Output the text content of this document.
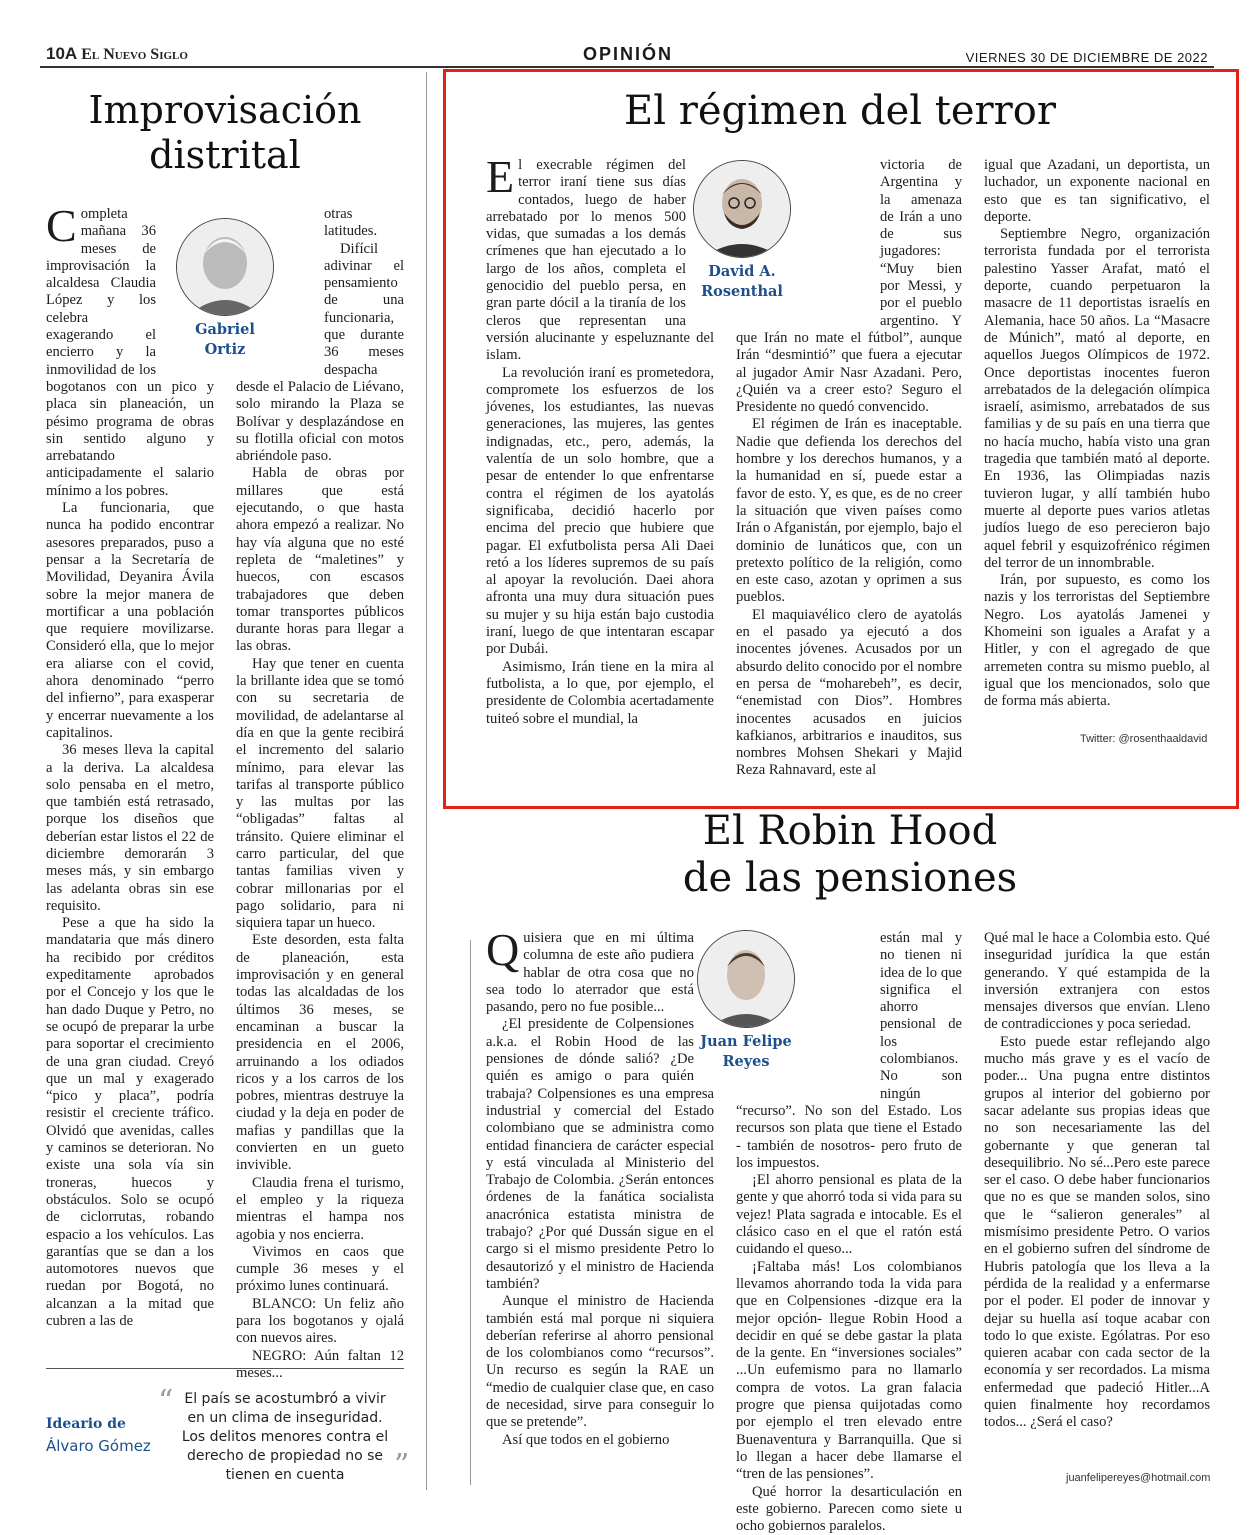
10A El Nuevo Siglo	OPINIÓN	VIERNES 30 DE DICIEMBRE DE 2022
Improvisación
distrital
Gabriel
Ortiz

Completa mañana 36 meses de improvisación la alcaldesa Claudia López y los celebra exagerando el encierro y la inmovilidad de los bogotanos con un pico y placa sin planeación, un pésimo programa de obras sin sentido alguno y arrebatando anticipadamente el salario mínimo a los pobres.

La funcionaria, que nunca ha podido encontrar asesores preparados, puso a pensar a la Secretaría de Movilidad, Deyanira Ávila sobre la mejor manera de mortificar a una población que requiere movilizarse. Consideró ella, que lo mejor era aliarse con el covid, ahora denominado “perro del infierno”, para exasperar y encerrar nuevamente a los capitalinos.

36 meses lleva la capital a la deriva. La alcaldesa solo pensaba en el metro, que también está retrasado, porque los diseños que deberían estar listos el 22 de diciembre demorarán 3 meses más, y sin embargo las adelanta obras sin ese requisito.

Pese a que ha sido la mandataria que más dinero ha recibido por créditos expeditamente aprobados por el Concejo y los que le han dado Duque y Petro, no se ocupó de preparar la urbe para soportar el crecimiento de una gran ciudad. Creyó que un mal y exagerado “pico y placa”, podría resistir el creciente tráfico. Olvidó que avenidas, calles y caminos se deterioran. No existe una sola vía sin troneras, huecos y obstáculos. Solo se ocupó de ciclorrutas, robando espacio a los vehículos. Las garantías que se dan a los automotores nuevos que ruedan por Bogotá, no alcanzan a la mitad que cubren a las de

otras latitudes.

Difícil adivinar el pensamiento de una funcionaria, que durante 36 meses despacha desde el Palacio de Liévano, solo mirando la Plaza se Bolívar y desplazándose en su flotilla oficial con motos abriéndole paso.

Habla de obras por millares que está ejecutando, o que hasta ahora empezó a realizar. No hay vía alguna que no esté repleta de “maletines” y huecos, con escasos trabajadores que deben tomar transportes públicos durante horas para llegar a las obras.

Hay que tener en cuenta la brillante idea que se tomó con su secretaria de movilidad, de adelantarse al día en que la gente recibirá el incremento del salario mínimo, para elevar las tarifas al transporte público y las multas por las “obligadas” faltas al tránsito. Quiere eliminar el carro particular, del que tantas familias viven y cobrar millonarias por el pago solidario, para ni siquiera tapar un hueco.

Este desorden, esta falta de planeación, esta improvisación y en general todas las alcaldadas de los últimos 36 meses, se encaminan a buscar la presidencia en el 2006, arruinando a los odiados ricos y a los carros de los pobres, mientras destruye la ciudad y la deja en poder de mafias y pandillas que la convierten en un gueto invivible.

Claudia frena el turismo, el empleo y la riqueza mientras el hampa nos agobia y nos encierra.

Vivimos en caos que cumple 36 meses y el próximo lunes continuará.

BLANCO: Un feliz año para los bogotanos y ojalá con nuevos aires.

NEGRO: Aún faltan 12 meses...

Ideario de
Álvaro Gómez
“ El país se acostumbró a vivir en un clima de inseguridad. Los delitos menores contra el derecho de propiedad no se tienen en cuenta	”
El régimen del terror
David A.
Rosenthal

El execrable régimen del terror iraní tiene sus días contados, luego de haber arrebatado por lo menos 500 vidas, que sumadas a los demás crímenes que han ejecutado a lo largo de los años, completa el genocidio del pueblo persa, en gran parte dócil a la tiranía de los cleros que representan una versión alucinante y espeluznante del islam.

La revolución iraní es prometedora, compromete los esfuerzos de los jóvenes, los estudiantes, las nuevas generaciones, las mujeres, las gentes indignadas, etc., pero, además, la valentía de un solo hombre, que a pesar de entender lo que enfrentarse contra el régimen de los ayatolás significaba, decidió hacerlo por encima del precio que hubiere que pagar. El exfutbolista persa Ali Daei retó a los líderes supremos de su país al apoyar la revolución. Daei ahora afronta una muy dura situación pues su mujer y su hija están bajo custodia iraní, luego de que intentaran escapar por Dubái.

Asimismo, Irán tiene en la mira al futbolista, a lo que, por ejemplo, el presidente de Colombia acertadamente tuiteó sobre el mundial, la

victoria de Argentina y la amenaza de Irán a uno de sus jugadores: “Muy bien por Messi, y por el pueblo argentino. Y que Irán no mate el fútbol”, aunque Irán “desmintió” que fuera a ejecutar al jugador Amir Nasr Azadani. Pero, ¿Quién va a creer esto? Seguro el Presidente no quedó convencido.

El régimen de Irán es inaceptable. Nadie que defienda los derechos del hombre y los derechos humanos, y a la humanidad en sí, puede estar a favor de esto. Y, es que, es de no creer la situación que viven países como Irán o Afganistán, por ejemplo, bajo el dominio de lunáticos que, con un pretexto político de la religión, como en este caso, azotan y oprimen a sus pueblos.

El maquiavélico clero de ayatolás en el pasado ya ejecutó a dos inocentes jóvenes. Acusados por un absurdo delito conocido por el nombre en persa de “moharebeh”, es decir, “enemistad con Dios”. Hombres inocentes acusados en juicios kafkianos, arbitrarios e inauditos, sus nombres Mohsen Shekari y Majid Reza Rahnavard, este al

igual que Azadani, un deportista, un luchador, un exponente nacional en esto que es tan significativo, el deporte.

Septiembre Negro, organización terrorista fundada por el terrorista palestino Yasser Arafat, mató el deporte, cuando perpetuaron la masacre de 11 deportistas israelís en Alemania, hace 50 años. La “Masacre de Múnich”, mató al deporte, en aquellos Juegos Olímpicos de 1972. Once deportistas inocentes fueron arrebatados de la delegación olímpica israelí, asimismo, arrebatados de sus familias y de su país en una tierra que no hacía mucho, había visto una gran tragedia que también mató al deporte. En 1936, las Olimpiadas nazis tuvieron lugar, y allí también hubo muerte al deporte pues varios atletas judíos luego de eso perecieron bajo aquel febril y esquizofrénico régimen del terror de un innombrable.

Irán, por supuesto, es como los nazis y los terroristas del Septiembre Negro. Los ayatolás Jamenei y Khomeini son iguales a Arafat y a Hitler, y con el agregado de que arremeten contra su mismo pueblo, al igual que los mencionados, solo que de forma más abierta.

Twitter: @rosenthaaldavid
El Robin Hood
de las pensiones
Juan Felipe
Reyes

Quisiera que en mi última columna de este año pudiera hablar de otra cosa que no sea todo lo aterrador que está pasando, pero no fue posible...

¿El presidente de Colpensiones a.k.a. el Robin Hood de las pensiones de dónde salió? ¿De quién es amigo o para quién trabaja? Colpensiones es una empresa industrial y comercial del Estado colombiano que se administra como entidad financiera de carácter especial y está vinculada al Ministerio del Trabajo de Colombia. ¿Serán entonces órdenes de la fanática socialista anacrónica estatista ministra de trabajo? ¿Por qué Dussán sigue en el cargo si el mismo presidente Petro lo desautorizó y el ministro de Hacienda también?

Aunque el ministro de Hacienda también está mal porque ni siquiera deberían referirse al ahorro pensional de los colombianos como “recursos”. Un recurso es según la RAE un “medio de cualquier clase que, en caso de necesidad, sirve para conseguir lo que se pretende”.

Así que todos en el gobierno

están mal y no tienen ni idea de lo que significa el ahorro pensional de los colombianos. No son ningún “recurso”. No son del Estado. Los recursos son plata que tiene el Estado - también de nosotros- pero fruto de los impuestos.

¡El ahorro pensional es plata de la gente y que ahorró toda si vida para su vejez! Plata sagrada e intocable. Es el clásico caso en el que el ratón está cuidando el queso...

¡Faltaba más! Los colombianos llevamos ahorrando toda la vida para que en Colpensiones -dizque era la mejor opción- llegue Robin Hood a decidir en qué se debe gastar la plata de la gente. En “inversiones sociales” ...Un eufemismo para no llamarlo compra de votos. La gran falacia progre que piensa quijotadas como por ejemplo el tren elevado entre Buenaventura y Barranquilla. Que si lo llegan a hacer debe llamarse el “tren de las pensiones”.

Qué horror la desarticulación en este gobierno. Parecen como siete u ocho gobiernos paralelos.

Qué mal le hace a Colombia esto. Qué inseguridad jurídica la que están generando. Y qué estampida de la inversión extranjera con estos mensajes diversos que envían. Lleno de contradicciones y poca seriedad.

Esto puede estar reflejando algo mucho más grave y es el vacío de poder... Una pugna entre distintos grupos al interior del gobierno por sacar adelante sus propias ideas que no son necesariamente las del gobernante y que generan tal desequilibrio. No sé...Pero este parece ser el caso. O debe haber funcionarios que no es que se manden solos, sino que le “salieron generales” al mismísimo presidente Petro. O varios en el gobierno sufren del síndrome de Hubris patología que los lleva a la pérdida de la realidad y a enfermarse por el poder. El poder de innovar y dejar su huella así toque acabar con todo lo que existe. Ególatras. Por eso quieren acabar con cada sector de la economía y ser recordados. La misma enfermedad que padeció Hitler...A quien finalmente hoy recordamos todos... ¿Será el caso?

juanfelipereyes@hotmail.com
